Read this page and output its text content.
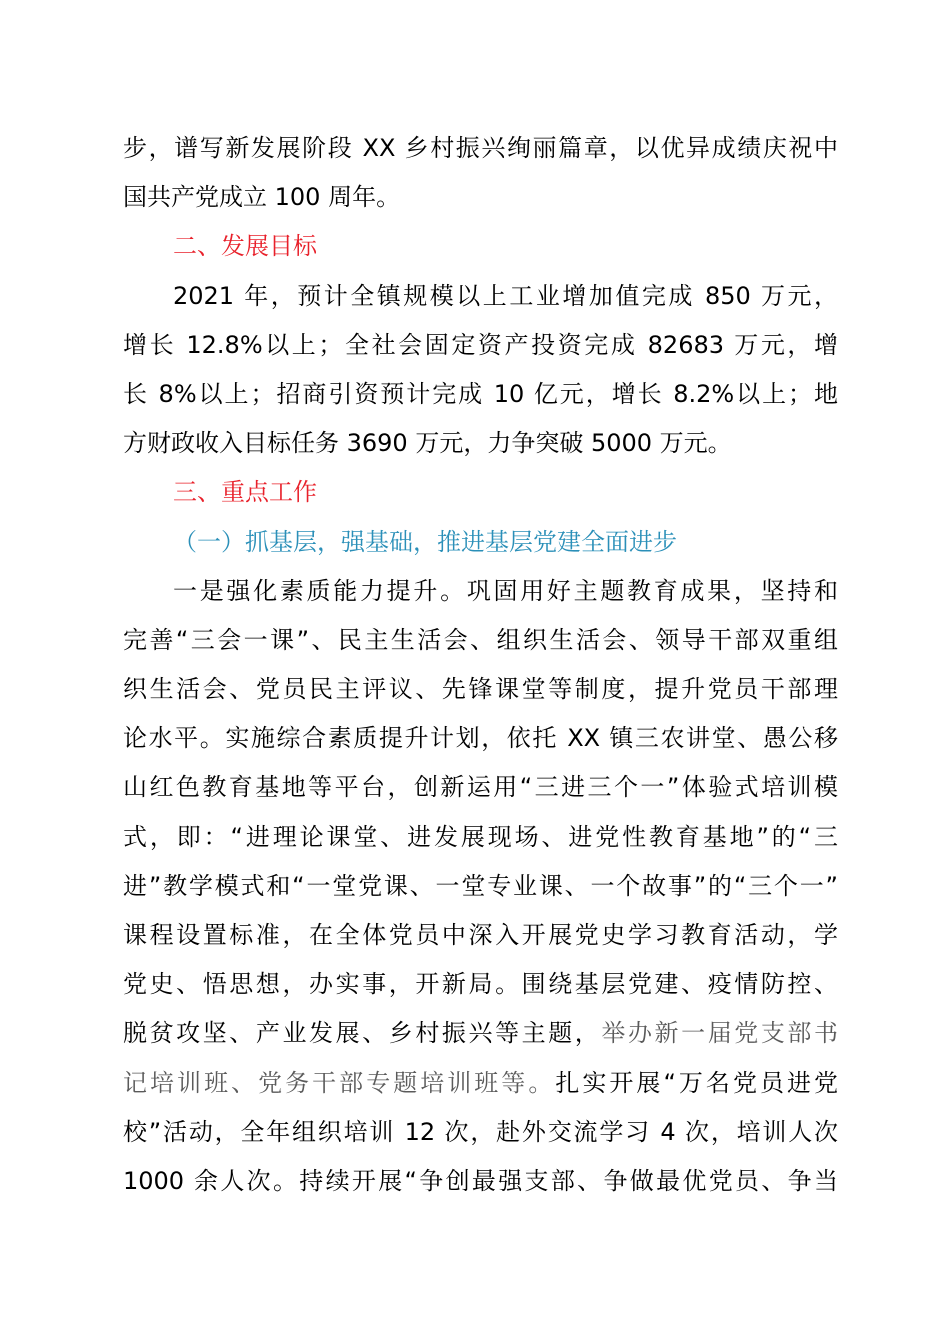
步，谱写新发展阶段 XX 乡村振兴绚丽篇章，以优异成绩庆祝中
国共产党成立 100 周年。
二、发展目标
2021 年，预计全镇规模以上工业增加值完成 850 万元，
增长 12.8%以上；全社会固定资产投资完成 82683 万元，增
长 8%以上；招商引资预计完成 10 亿元，增长 8.2%以上；地
方财政收入目标任务 3690 万元，力争突破 5000 万元。
三、重点工作
（一）抓基层，强基础，推进基层党建全面进步
一是强化素质能力提升。巩固用好主题教育成果，坚持和
完善“三会一课”、民主生活会、组织生活会、领导干部双重组
织生活会、党员民主评议、先锋课堂等制度，提升党员干部理
论水平。实施综合素质提升计划，依托 XX 镇三农讲堂、愚公移
山红色教育基地等平台，创新运用“三进三个一”体验式培训模
式，即：“进理论课堂、进发展现场、进党性教育基地”的“三
进”教学模式和“一堂党课、一堂专业课、一个故事”的“三个一”
课程设置标准，在全体党员中深入开展党史学习教育活动，学
党史、悟思想，办实事，开新局。围绕基层党建、疫情防控、
脱贫攻坚、产业发展、乡村振兴等主题，举办新一届党支部书
记培训班、党务干部专题培训班等。扎实开展“万名党员进党
校”活动，全年组织培训 12 次，赴外交流学习 4 次，培训人次
1000 余人次。持续开展“争创最强支部、争做最优党员、争当
